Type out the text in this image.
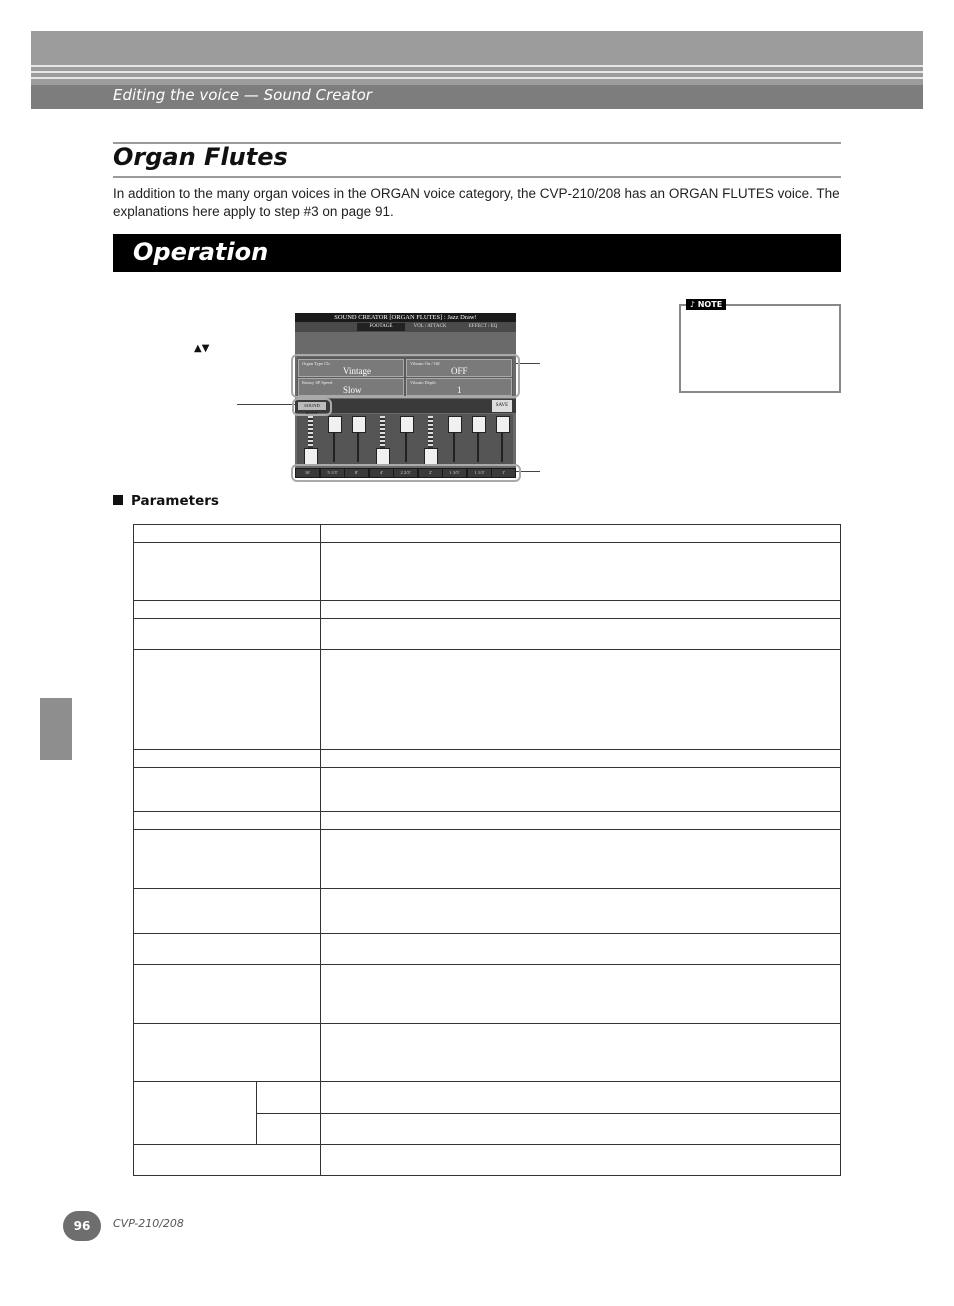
Editing the voice — Sound Creator
Organ Flutes
In addition to the many organ voices in the ORGAN voice category, the CVP-210/208 has an ORGAN FLUTES voice. The explanations here apply to step #3 on page 91.
Operation
▲▼
SOUND CREATOR [ORGAN FLUTES] : Jazz Draw!
FOOTAGE	VOL / ATTACK	EFFECT / EQ
Organ Type Ch.
Vintage
Vibrato On / Off
OFF
Rotary SP Speed
Slow
Vibrato Depth
1
SOUND	SAVE
16'	5 1/3'	8'	4'	2 2/3'	2'	1 3/5'	1 1/3'	1'
♪ NOTE
Parameters
96	CVP-210/208
